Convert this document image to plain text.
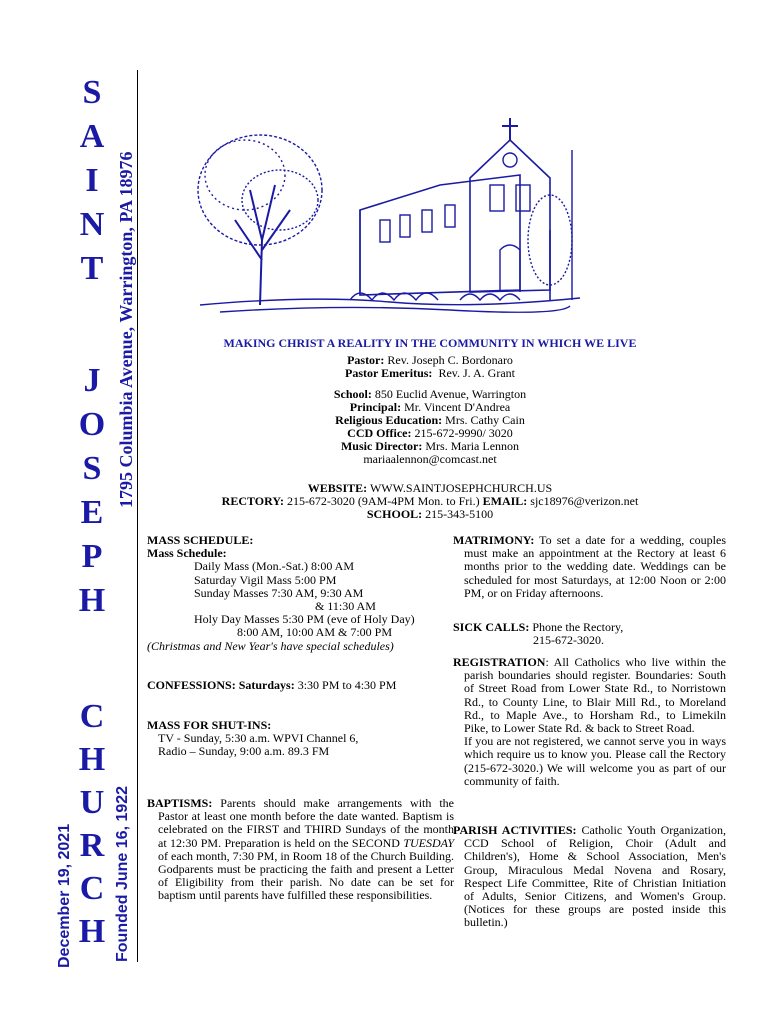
S
A
I
N
T
J
O
S
E
P
H
C
H
U
R
C
H
1795 Columbia Avenue, Warrington, PA 18976
Founded June 16, 1922
December 19, 2021
MAKING CHRIST A REALITY IN THE COMMUNITY IN WHICH WE LIVE
Pastor: Rev. Joseph C. Bordonaro
Pastor Emeritus: Rev. J. A. Grant
School: 850 Euclid Avenue, Warrington
Principal: Mr. Vincent D'Andrea
Religious Education: Mrs. Cathy Cain
CCD Office: 215-672-9990/ 3020
Music Director: Mrs. Maria Lennon
mariaalennon@comcast.net
WEBSITE: WWW.SAINTJOSEPHCHURCH.US
RECTORY: 215-672-3020 (9AM-4PM Mon. to Fri.) EMAIL: sjc18976@verizon.net
SCHOOL: 215-343-5100
MASS SCHEDULE:
Mass Schedule:
Daily Mass (Mon.-Sat.) 8:00 AM
Saturday Vigil Mass 5:00 PM
Sunday Masses 7:30 AM, 9:30 AM
& 11:30 AM
Holy Day Masses 5:30 PM (eve of Holy Day)
8:00 AM, 10:00 AM & 7:00 PM
(Christmas and New Year's have special schedules)
CONFESSIONS: Saturdays: 3:30 PM to 4:30 PM
MASS FOR SHUT-INS:
TV - Sunday, 5:30 a.m. WPVI Channel 6,
Radio – Sunday, 9:00 a.m. 89.3 FM
BAPTISMS: Parents should make arrangements with the Pastor at least one month before the date wanted. Baptism is celebrated on the FIRST and THIRD Sundays of the month at 12:30 PM. Preparation is held on the SECOND TUESDAY of each month, 7:30 PM, in Room 18 of the Church Building. Godparents must be practicing the faith and present a Letter of Eligibility from their parish. No date can be set for baptism until parents have fulfilled these responsibilities.
MATRIMONY: To set a date for a wedding, couples must make an appointment at the Rectory at least 6 months prior to the wedding date. Weddings can be scheduled for most Saturdays, at 12:00 Noon or 2:00 PM, or on Friday afternoons.
SICK CALLS: Phone the Rectory,
215-672-3020.
REGISTRATION: All Catholics who live within the parish boundaries should register. Boundaries: South of Street Road from Lower State Rd., to Norristown Rd., to County Line, to Blair Mill Rd., to Moreland Rd., to Maple Ave., to Horsham Rd., to Limekiln Pike, to Lower State Rd. & back to Street Road.
If you are not registered, we cannot serve you in ways which require us to know you. Please call the Rectory (215-672-3020.) We will welcome you as part of our community of faith.
PARISH ACTIVITIES: Catholic Youth Organization, CCD School of Religion, Choir (Adult and Children's), Home & School Association, Men's Group, Miraculous Medal Novena and Rosary, Respect Life Committee, Rite of Christian Initiation of Adults, Senior Citizens, and Women's Group. (Notices for these groups are posted inside this bulletin.)
